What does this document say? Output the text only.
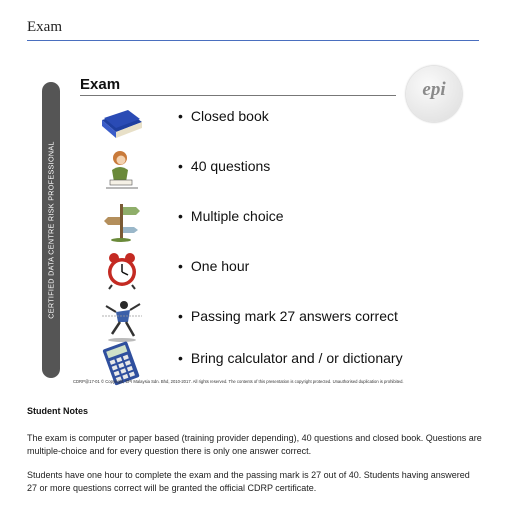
Exam
CERTIFIED DATA CENTRE RISK PROFESSIONAL
Exam	epi
• Closed book
• 40 questions
• Multiple choice
• One hour
• Passing mark 27 answers correct
• Bring calculator and / or dictionary
CDRP@17-01 © Copyright, EPI Malaysia Sdn. Bhd, 2010-2017. All rights reserved. The contents of this presentation is copyright protected. Unauthorised duplication is prohibited.
Student Notes
The exam is computer or paper based (training provider depending), 40 questions and closed book. Questions are multiple-choice and for every question there is only one answer correct.
Students have one hour to complete the exam and the passing mark is 27 out of 40. Students having answered 27 or more questions correct will be granted the official CDRP certificate.
